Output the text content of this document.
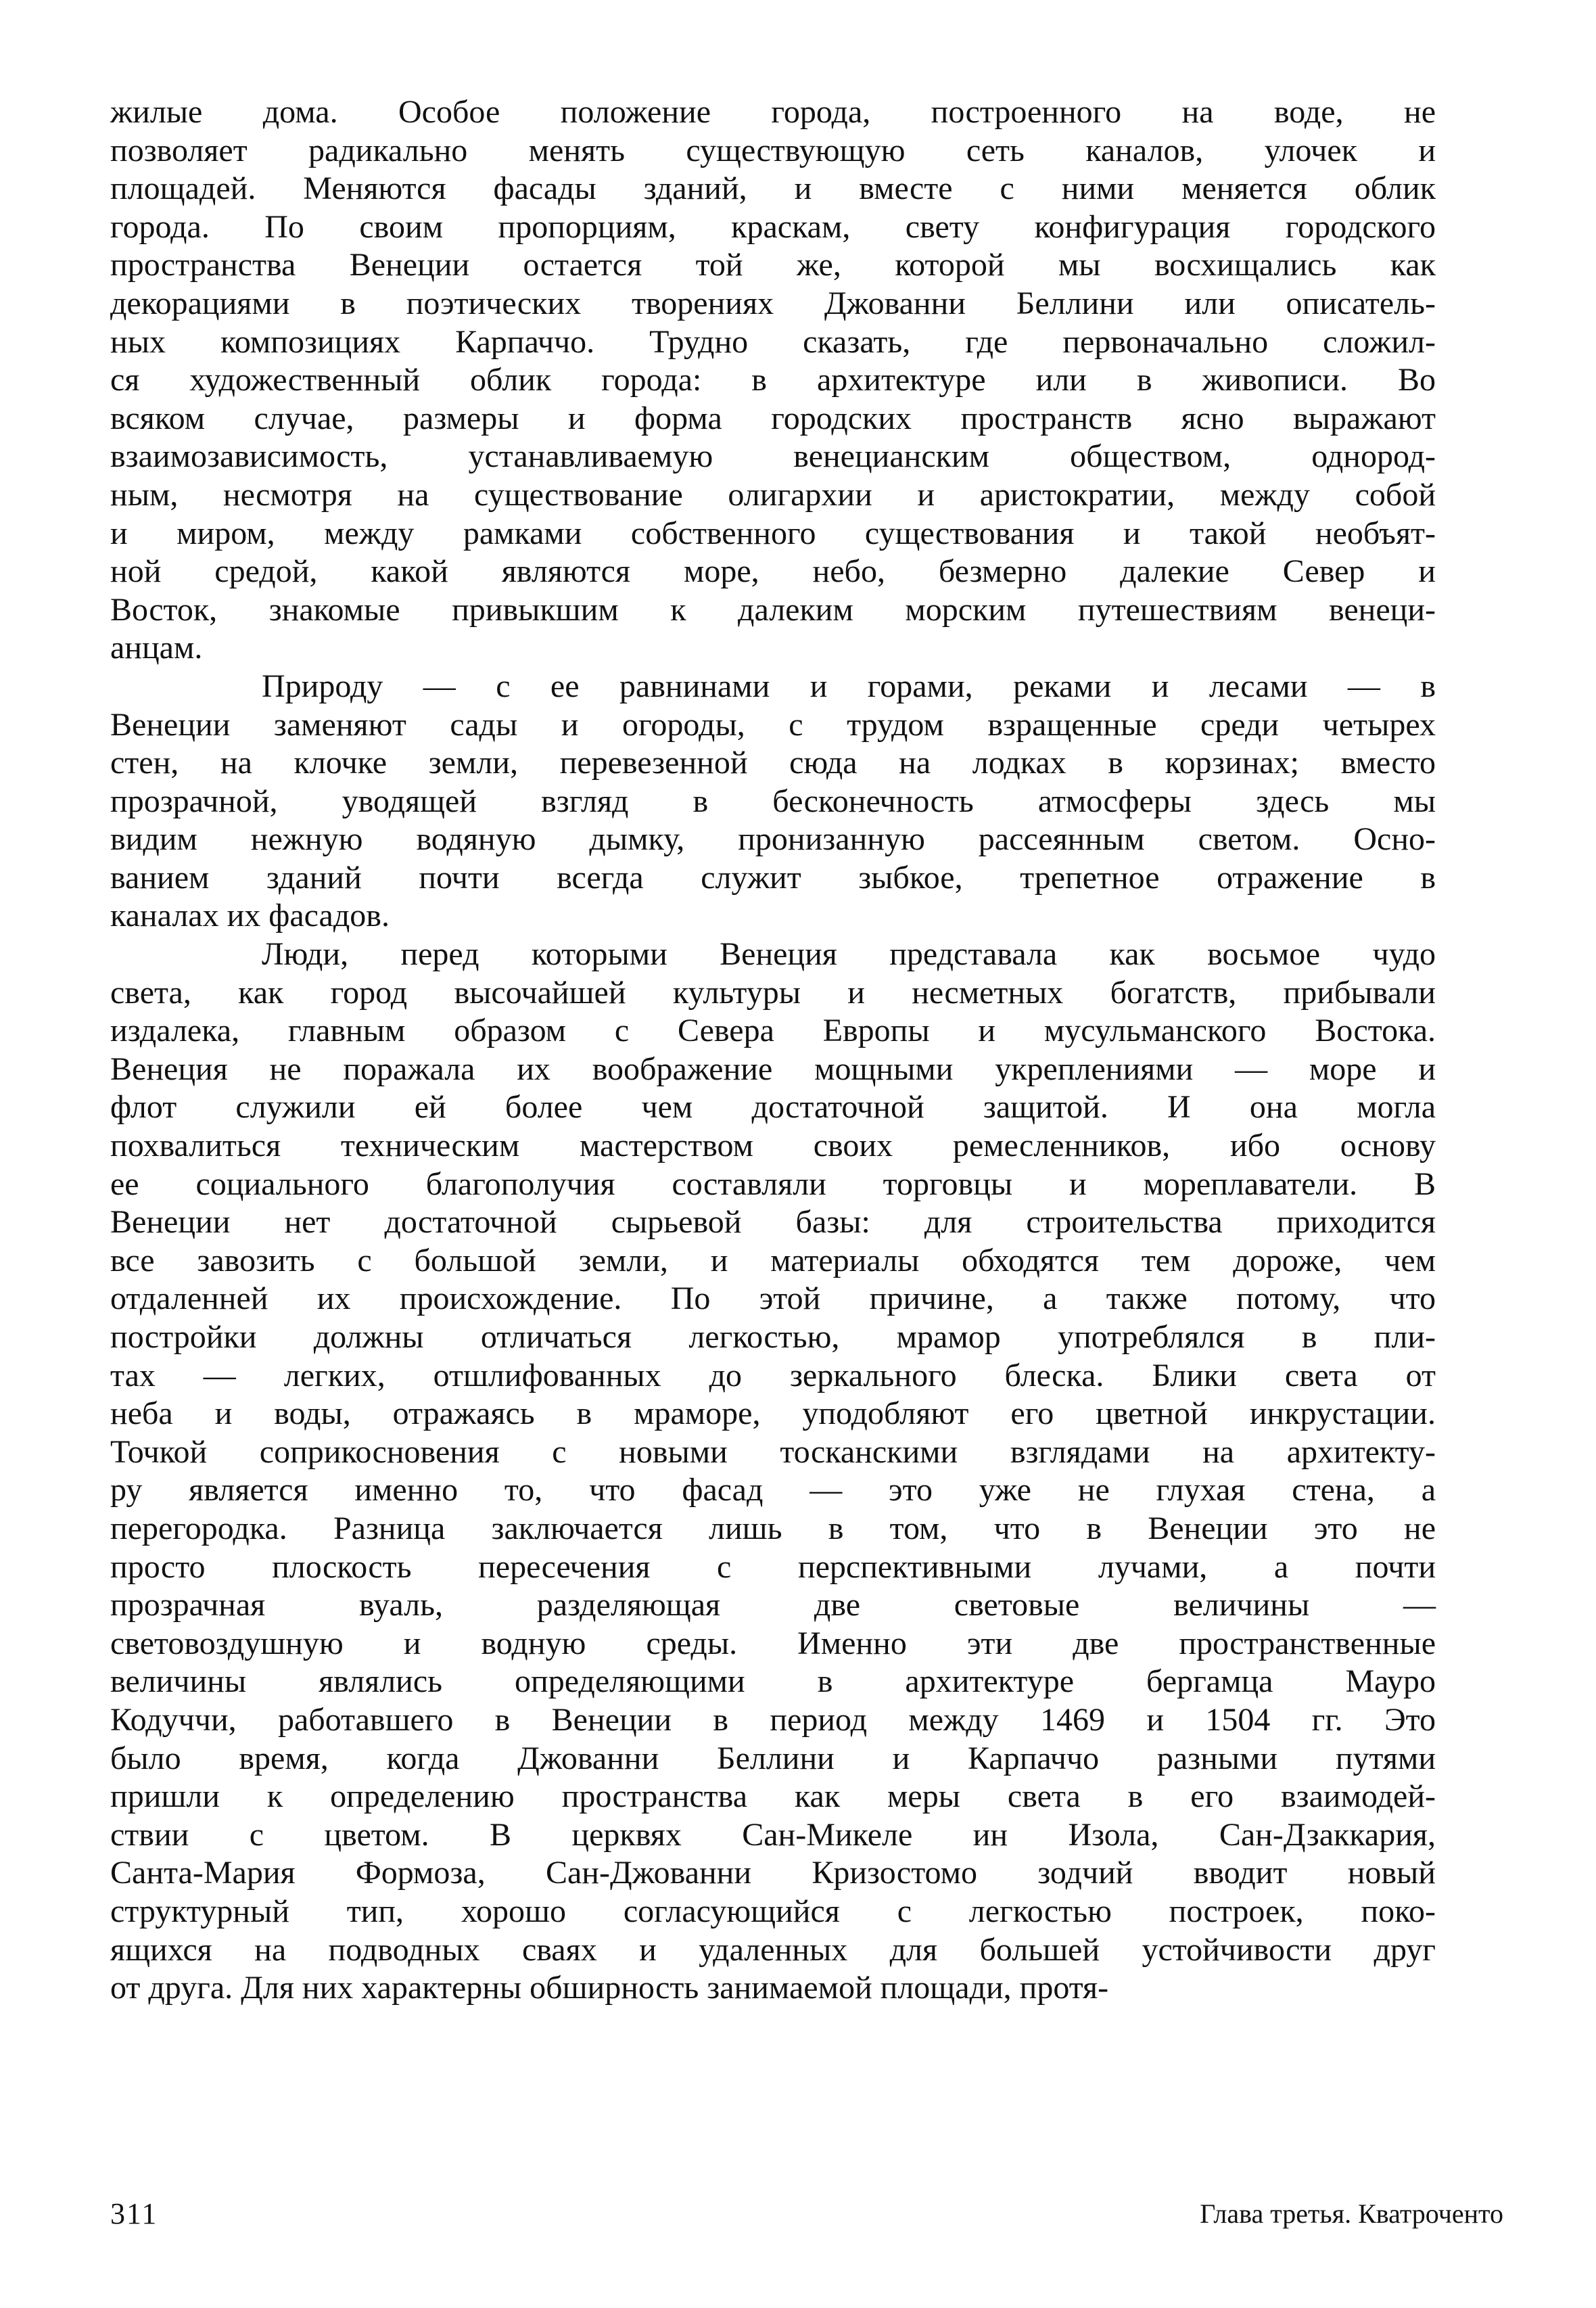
жилые дома. Особое положение города, построенного на воде, не
позволяет радикально менять существующую сеть каналов, улочек и
площадей. Меняются фасады зданий, и вместе с ними меняется облик
города. По своим пропорциям, краскам, свету конфигурация городского
пространства Венеции остается той же, которой мы восхищались как
декорациями в поэтических творениях Джованни Беллини или описатель-
ных композициях Карпаччо. Трудно сказать, где первоначально сложил-
ся художественный облик города: в архитектуре или в живописи. Во
всяком случае, размеры и форма городских пространств ясно выражают
взаимозависимость, устанавливаемую венецианским обществом, однород-
ным, несмотря на существование олигархии и аристократии, между собой
и миром, между рамками собственного существования и такой необъят-
ной средой, какой являются море, небо, безмерно далекие Север и
Восток, знакомые привыкшим к далеким морским путешествиям венеци-
анцам.
Природу — с ее равнинами и горами, реками и лесами — в
Венеции заменяют сады и огороды, с трудом взращенные среди четырех
стен, на клочке земли, перевезенной сюда на лодках в корзинах; вместо
прозрачной, уводящей взгляд в бесконечность атмосферы здесь мы
видим нежную водяную дымку, пронизанную рассеянным светом. Осно-
ванием зданий почти всегда служит зыбкое, трепетное отражение в
каналах их фасадов.
Люди, перед которыми Венеция представала как восьмое чудо
света, как город высочайшей культуры и несметных богатств, прибывали
издалека, главным образом с Севера Европы и мусульманского Востока.
Венеция не поражала их воображение мощными укреплениями — море и
флот служили ей более чем достаточной защитой. И она могла
похвалиться техническим мастерством своих ремесленников, ибо основу
ее социального благополучия составляли торговцы и мореплаватели. В
Венеции нет достаточной сырьевой базы: для строительства приходится
все завозить с большой земли, и материалы обходятся тем дороже, чем
отдаленней их происхождение. По этой причине, а также потому, что
постройки должны отличаться легкостью, мрамор употреблялся в пли-
тах — легких, отшлифованных до зеркального блеска. Блики света от
неба и воды, отражаясь в мраморе, уподобляют его цветной инкрустации.
Точкой соприкосновения с новыми тосканскими взглядами на архитекту-
ру является именно то, что фасад — это уже не глухая стена, а
перегородка. Разница заключается лишь в том, что в Венеции это не
просто плоскость пересечения с перспективными лучами, а почти
прозрачная вуаль, разделяющая две световые величины —
световоздушную и водную среды. Именно эти две пространственные
величины являлись определяющими в архитектуре бергамца Мауро
Кодуччи, работавшего в Венеции в период между 1469 и 1504 гг. Это
было время, когда Джованни Беллини и Карпаччо разными путями
пришли к определению пространства как меры света в его взаимодей-
ствии с цветом. В церквях Сан-Микеле ин Изола, Сан-Дзаккария,
Санта-Мария Формоза, Сан-Джованни Кризостомо зодчий вводит новый
структурный тип, хорошо согласующийся с легкостью построек, поко-
ящихся на подводных сваях и удаленных для большей устойчивости друг
от друга. Для них характерны обширность занимаемой площади, протя-
311	Глава третья. Кватроченто
